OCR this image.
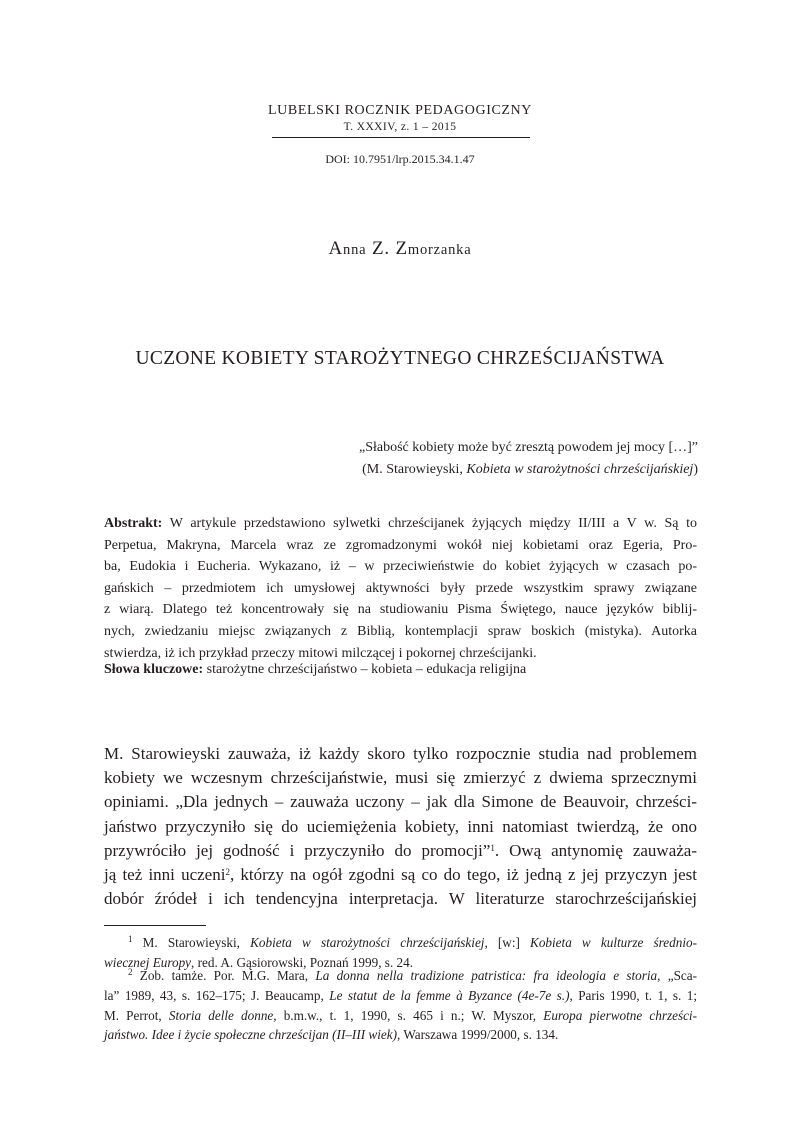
LUBELSKI ROCZNIK PEDAGOGICZNY
T. XXXIV, z. 1 – 2015
DOI: 10.7951/lrp.2015.34.1.47
Anna Z. Zmorzanka
UCZONE KOBIETY STAROŻYTNEGO CHRZEŚCIJAŃSTWA
„Słabość kobiety może być zresztą powodem jej mocy […]”
(M. Starowieyski, Kobieta w starożytności chrześcijańskiej)
Abstrakt: W artykule przedstawiono sylwetki chrześcijanek żyjących między II/III a V w. Są to
Perpetua, Makryna, Marcela wraz ze zgromadzonymi wokół niej kobietami oraz Egeria, Pro-
ba, Eudokia i Eucheria. Wykazano, iż – w przeciwieństwie do kobiet żyjących w czasach po-
gańskich – przedmiotem ich umysłowej aktywności były przede wszystkim sprawy związane
z wiarą. Dlatego też koncentrowały się na studiowaniu Pisma Świętego, nauce języków biblij-
nych, zwiedzaniu miejsc związanych z Biblią, kontemplacji spraw boskich (mistyka). Autorka
stwierdza, iż ich przykład przeczy mitowi milczącej i pokornej chrześcijanki.
Słowa kluczowe: starożytne chrześcijaństwo – kobieta – edukacja religijna
M. Starowieyski zauważa, iż każdy skoro tylko rozpocznie studia nad problemem
kobiety we wczesnym chrześcijaństwie, musi się zmierzyć z dwiema sprzecznymi
opiniami. „Dla jednych – zauważa uczony – jak dla Simone de Beauvoir, chrześci-
jaństwo przyczyniło się do uciemiężenia kobiety, inni natomiast twierdzą, że ono
przywróciło jej godność i przyczyniło do promocji”$^1$. Ową antynomię zauważa-
ją też inni uczeni$^2$, którzy na ogół zgodni są co do tego, iż jedną z jej przyczyn jest
dobór źródeł i ich tendencyjna interpretacja. W literaturze starochrześcijańskiej
$^1$ M. Starowieyski, Kobieta w starożytności chrześcijańskiej, [w:] Kobieta w kulturze średnio-
wiecznej Europy, red. A. Gąsiorowski, Poznań 1999, s. 24.
$^2$ Zob. tamże. Por. M.G. Mara, La donna nella tradizione patristica: fra ideologia e storia, „Sca-
la” 1989, 43, s. 162–175; J. Beaucamp, Le statut de la femme à Byzance (4e-7e s.), Paris 1990, t. 1, s. 1;
M. Perrot, Storia delle donne, b.m.w., t. 1, 1990, s. 465 i n.; W. Myszor, Europa pierwotne chrześci-
jaństwo. Idee i życie społeczne chrześcijan (II–III wiek), Warszawa 1999/2000, s. 134.
